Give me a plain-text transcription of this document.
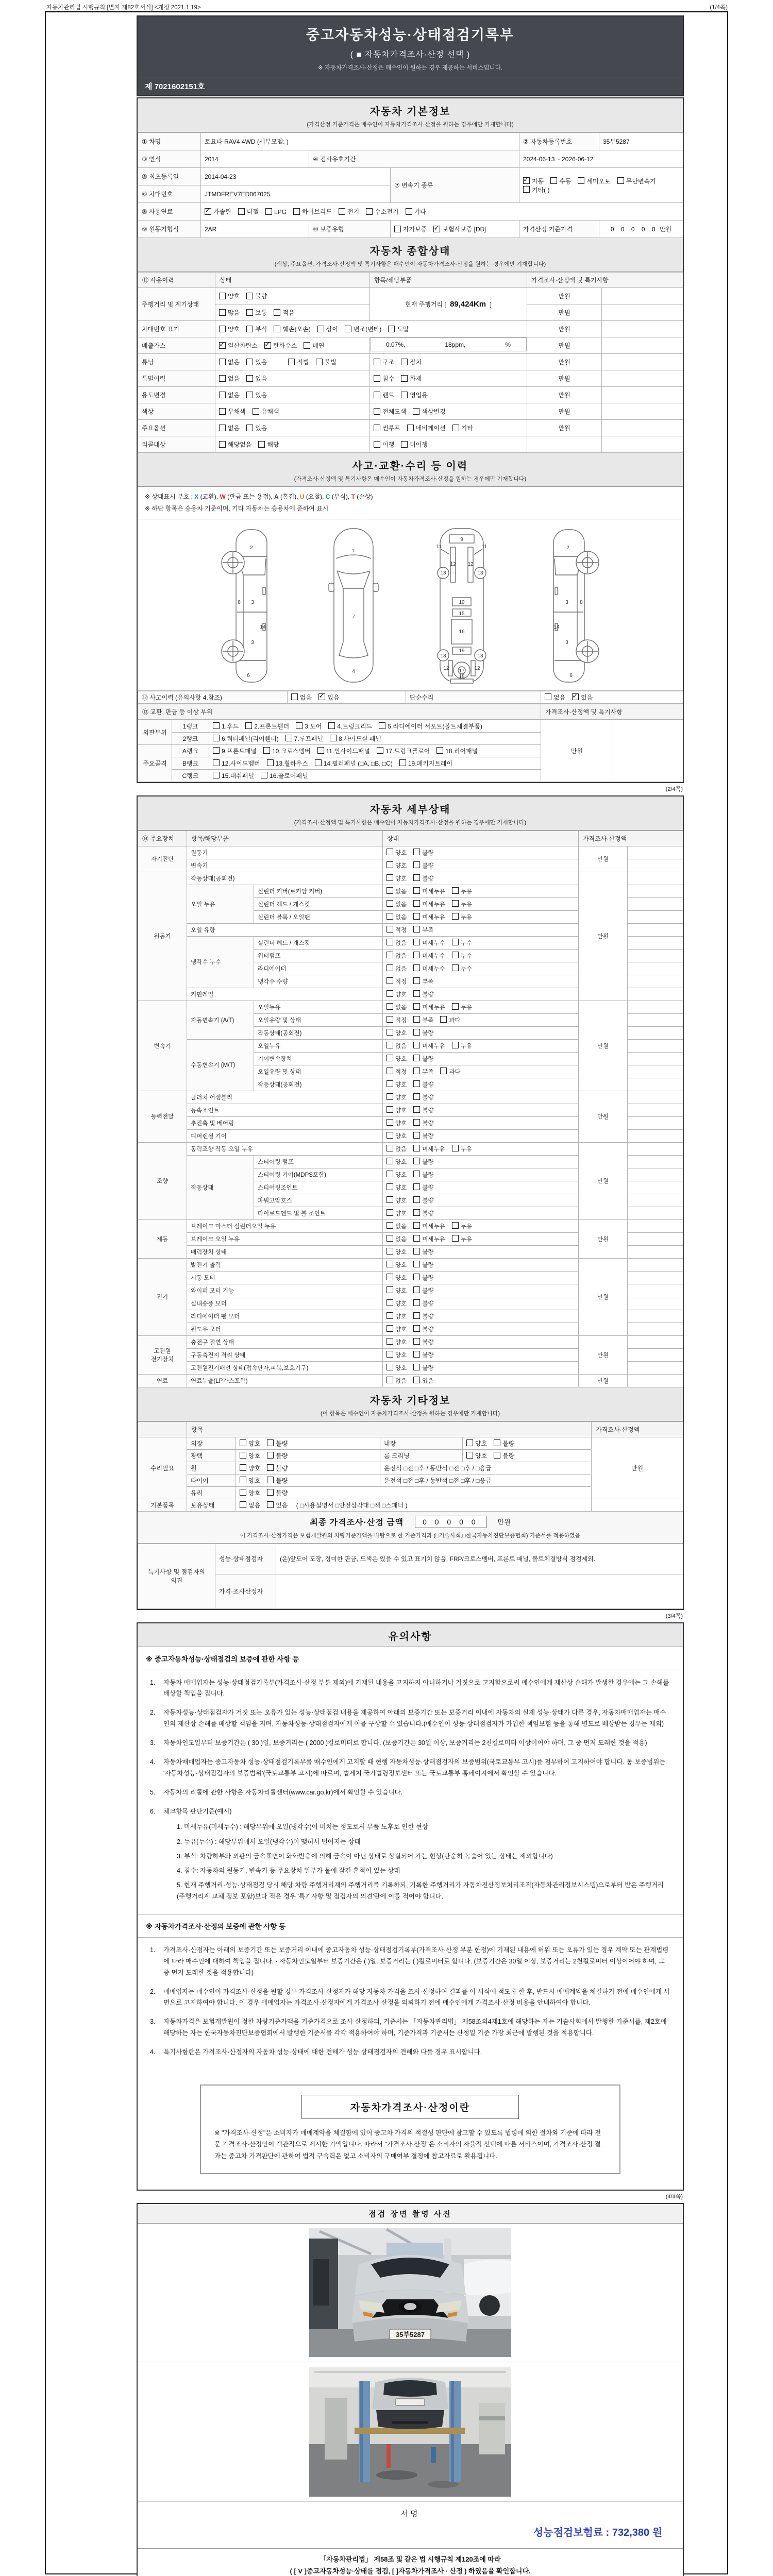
자동차관리법 시행규칙 [별지 제82호서식] <개정 2021.1.19>	(1/4쪽)
중고자동차성능·상태점검기록부
( ■ 자동차가격조사·산정 선택 )
※ 자동차가격조사·산정은 매수인이 원하는 경우 제공하는 서비스입니다.
제 7021602151호
자동차 기본정보
(가격산정 기준가격은 매수인이 자동차가격조사·산정을 원하는 경우에만 기재합니다)
① 차명	토요타 RAV4 4WD (세부모델: )			② 자동차등록번호	35부5287
③ 연식	2014	④ 검사유효기간		2024-06-13 ~ 2026-06-12	
⑤ 최초등록일	2014-04-23		⑦ 변속기 종류	✓자동 수동 세미오토 무단변속기기타( )
⑥ 차대번호	JTMDFREV7ED067025				
⑧ 사용연료	✓가솔린 디젤 LPG 하이브리드 전기 수소전기 기타
⑨ 원동기형식	2AR	⑩ 보증유형	자가보증 ✓ 보험사보증 [DB]	가격산정 기준가격	0 0 0 0 0 만원
자동차 종합상태
(색상, 주요옵션, 가격조사·산정액 및 특기사항은 매수인이 자동차가격조사·산정을 원하는 경우에만 기재합니다)
⑪ 사용이력	상태	항목/해당부품	가격조사·산정액 및 특기사항	
주행거리 및 계기상태	양호 불량	현재 주행거리 [ 89,424Km ]	만원	
	많음 보통 적음		만원	
차대번호 표기	양호 부식 훼손(오손) 상이 변조(변타) 도말		만원	
배출가스	✓일산화탄소 ✓ 탄화수소 매연		0.07%,	18ppm,	%	만원	
튜닝	없음 있음 적법 불법	구조 장치	만원	
특별이력	없음 있음	침수 화재	만원	
용도변경	없음 있음	렌트 영업용	만원	
색상	무채색 유채색	전체도색 색상변경	만원	
주요옵션	없음 있음	썬루프 네비게이션 기타	만원	
리콜대상	해당없음 해당	이행 미이행		
사고·교환·수리 등 이력
(가격조사·산정액 및 특기사항은 매수인이 자동차가격조사·산정을 원하는 경우에만 기재합니다)
※ 상태표시 부호 : X (교환), W (판금 또는 용접), A (흠집), U (요철), C (부식), T (손상)
※ 하단 항목은 승용차 기준이며, 기타 자동차는 승용차에 준하여 표시
2
8 3
14
3
6
1
7
4
9
11	11
13	13
12 12
10
15
16
19
13	13
12	12
17
18
2
8
3
14
3
6
⑫ 사고이력 (유의사항 4.참조)	없음 ✓	있음	단순수리	없음 ✓	있음
⑬ 교환, 판금 등 이상 부위	가격조사·산정액 및 특기사항
외판부위	1랭크	1.후드 2.프론트휀더 3.도어 4.트렁크리드 5.라디에이터 서포트(볼트체결부품)	만원	
	2랭크	6.쿼터패널(리어휀더) 7.루프패널 8.사이드실 패널		
주요골격	A랭크	9.프론트패널 10.크로스멤버 11.인사이드패널 17.트렁크플로어 18.리어패널		
	B랭크	12.사이드멤버 13.휠하우스 14.필러패널 (□A, □B, □C) 19.패키지트레이		
	C랭크	15.대쉬패널 16.플로어패널		
(2/4쪽)
자동차 세부상태
(가격조사·산정액 및 특기사항은 매수인이 자동차가격조사·산정을 원하는 경우에만 기재합니다)
⑭ 주요장치	항목/해당부품		상태	가격조사·산정액	
자기진단	원동기		양호 불량	만원	
	변속기		양호 불량		
원동기	작동상태(공회전)		양호 불량	만원	
	오일 누유	실린더 커버(로커암 커버)	없음 미세누유 누유		
		실린더 헤드 / 개스킷	없음 미세누유 누유		
		실린더 블록 / 오일팬	없음 미세누유 누유		
	오일 유량		적정 부족		
	냉각수 누수	실린더 헤드 / 개스킷	없음 미세누수 누수		
		워터펌프	없음 미세누수 누수		
		라디에이터	없음 미세누수 누수		
		냉각수 수량	적정 부족		
	커먼레일		양호 불량		
변속기	자동변속기 (A/T)	오일누유	없음 미세누유 누유	만원	
		오일유량 및 상태	적정 부족 과다		
		작동상태(공회전)	양호 불량		
	수동변속기 (M/T)	오일누유	없음 미세누유 누유		
		기어변속장치	양호 불량		
		오일유량 및 상태	적정 부족 과다		
		작동상태(공회전)	양호 불량		
동력전달	클러치 어셈블리		양호 불량	만원	
	등속조인트		양호 불량		
	추진축 및 베어링		양호 불량		
	디퍼렌셜 기어		양호 불량		
조향	동력조향 작동 오일 누유		없음 미세누유 누유	만원	
	작동상태	스티어링 펌프	양호 불량		
		스티어링 기어(MDPS포함)	양호 불량		
		스티어링조인트	양호 불량		
		파워고압호스	양호 불량		
		타이로드엔드 및 볼 조인트	양호 불량		
제동	브레이크 마스터 실린더오일 누유		없음 미세누유 누유	만원	
	브레이크 오일 누유		없음 미세누유 누유		
	배력장치 상태		양호 불량		
전기	발전기 출력		양호 불량	만원	
	시동 모터		양호 불량		
	와이퍼 모터 기능		양호 불량		
	실내송풍 모터		양호 불량		
	라디에이터 팬 모터		양호 불량		
	윈도우 모터		양호 불량		
고전원 전기장치	충전구 절연 상태		양호 불량	만원	
	구동축전지 격리 상태		양호 불량		
	고전원전기배선 상태(접속단자,피복,보호기구)		양호 불량		
연료	연료누출(LP가스포함)		없음 있음	만원	
자동차 기타정보
(이 항목은 매수인이 자동차가격조사·산정을 원하는 경우에만 기재합니다)
	항목				가격조사·산정액
수리필요	외장	양호 불량	내장	양호 불량	만원
	광택	양호 불량	룸 크리닝	양호 불량	
	휠	양호 불량	운전석 □전 □후 / 동반석 □전 □후 / □응급		
	타이어	양호 불량	운전석 □전 □후 / 동반석 □전 □후 / □응급		
	유리	양호 불량			
기본품목	보유상태	없음 있음 ( □사용설명서 □안전삼각대 □잭 □스패너 )			
최종 가격조사·산정 금액	0 0 0 0 0	만원
이 가격조사·산정가격은 보험개발원의 차량기준가액을 바탕으로 한 기준가격과 (□기술사회,□한국자동차진단보증협회) 기준서를 적용하였음
특기사항 및 점검자의 의견	성능·상태점검자	(운)앞도어 도장, 경미한 판금, 도색은 있을 수 있고 표기치 않음, FRP/크로스멤버, 프론트 패널, 볼트체결방식 점검제외.
	가격·조사산정자	
(3/4쪽)
유의사항
※ 중고자동차성능·상태점검의 보증에 관한 사항 등
1.	자동차 매매업자는 성능·상태점검기록부(가격조사·산정 부분 제외)에 기재된 내용을 고지하지 아니하거나 거짓으로 고지함으로써 매수인에게 재산상 손해가 발생한 경우에는 그 손해를 배상할 책임을 집니다.
2.	자동차성능·상태점검자가 거짓 또는 오류가 있는 성능·상태점검 내용을 제공하여 아래의 보증기간 또는 보증거리 이내에 자동차의 실제 성능·상태가 다른 경우, 자동차매매업자는 매수인의 재산상 손해를 배상할 책임을 지며, 자동차성능·상태점검자에게 이를 구상할 수 있습니다.(매수인이 성능·상태점검자가 가입한 책임보험 등을 통해 별도로 배상받는 경우는 제외)
3.	자동차인도일부터 보증기간은 ( 30 )일, 보증거리는 ( 2000 )킬로미터로 합니다. (보증기간은 30일 이상, 보증거리는 2천킬로미터 이상이어야 하며, 그 중 먼저 도래한 것을 적용)
4.	자동차매매업자는 중고자동차 성능·상태점검기록부를 매수인에게 고지할 때 현행 자동차성능·상태점검자의 보증범위(국토교통부 고시)를 첨부하여 고지하여야 합니다. 동 보증범위는 '자동차성능·상태점검자의 보증범위'(국토교통부 고시)에 따르며, 법제처 국가법령정보센터 또는 국토교통부 홈페이지에서 확인할 수 있습니다.
5.	자동차의 리콜에 관한 사항은 자동차리콜센터(www.car.go.kr)에서 확인할 수 있습니다.
6.	체크항목 판단기준(예시)
1. 미세누유(미세누수) : 해당부위에 오일(냉각수)이 비치는 정도로서 부품 노후로 인한 현상
2. 누유(누수) : 해당부위에서 오일(냉각수)이 맺혀서 떨어지는 상태
3. 부식: 차량하부와 외판의 금속표면이 화학반응에 의해 금속이 아닌 상태로 상실되어 가는 현상(단순히 녹슬어 있는 상태는 제외합니다)
4. 침수: 자동차의 원동기, 변속기 등 주요장치 일부가 물에 잠긴 흔적이 있는 상태
5. 현재 주행거리·성능·상태점검 당시 해당 차량 주행거리계의 주행거리를 기록하되, 기록한 주행거리가 자동차전산정보처리조직(자동차관리정보시스템)으로부터 받은 주행거리(주행거리계 교체 정보 포함)보다 적은 경우 '특기사항 및 점검자의 의견'란에 이를 적어야 합니다.
※ 자동차가격조사·산정의 보증에 관한 사항 등
1.	가격조사·산정자는 아래의 보증기간 또는 보증거리 이내에 중고자동차 성능·상태점검기록부(가격조사·산정 부분 한정)에 기재된 내용에 허위 또는 오류가 있는 경우 계약 또는 관계법령에 따라 매수인에 대하여 책임을 집니다. · 자동차인도일부터 보증기간은 ( )일, 보증거리는 ( )킬로미터로 합니다. (보증기간은 30일 이상, 보증거리는 2천킬로미터 이상이어야 하며, 그 중 먼저 도래한 것을 적용합니다)
2.	매매업자는 매수인이 가격조사·산정을 원할 경우 가격조사·산정자가 해당 자동차 가격을 조사·산정하여 결과를 이 서식에 적도록 한 후, 반드시 매매계약을 체결하기 전에 매수인에게 서면으로 고지하여야 합니다. 이 경우 매매업자는 가격조사·산정자에게 가격조사·산정을 의뢰하기 전에 매수인에게 가격조사·산정 비용을 안내하여야 합니다.
3.	자동차가격은 보험개발원이 정한 차량기준가액을 기준가격으로 조사·산정하되, 기준서는 「자동차관리법」 제58조의4제1호에 해당하는 자는 기술사회에서 발행한 기준서를, 제2호에 해당하는 자는 한국자동차진단보증협회에서 발행한 기준서를 각각 적용하여야 하며, 기준가격과 기준서는 산정일 기준 가장 최근에 발행된 것을 적용합니다.
4.	특기사항란은 가격조사·산정자의 자동차 성능·상태에 대한 견해가 성능·상태점검자의 견해와 다를 경우 표시합니다.
자동차가격조사·산정이란
※ "가격조사·산정"은 소비자가 매매계약을 체결함에 있어 중고차 가격의 적절성 판단에 참고할 수 있도록 법령에 의한 절차와 기준에 따라 전문 가격조사·산정인이 객관적으로 제시한 가액입니다. 따라서 "가격조사·산정"은 소비자의 자율적 선택에 따른 서비스이며, 가격조사·산정 결과는 중고차 가격판단에 관하여 법적 구속력은 없고 소비자의 구매여부 결정에 참고자료로 활용됩니다.
(4/4쪽)
점검 장면 촬영 사진
35부5287
서명
성능점검보험료 : 732,380 원
「자동차관리법」 제58조 및 같은 법 시행규칙 제120조에 따라
( [ V ]중고자동차성능·상태를 점검, [ ]자동차가격조사 · 산정 ) 하였음을 확인합니다.
